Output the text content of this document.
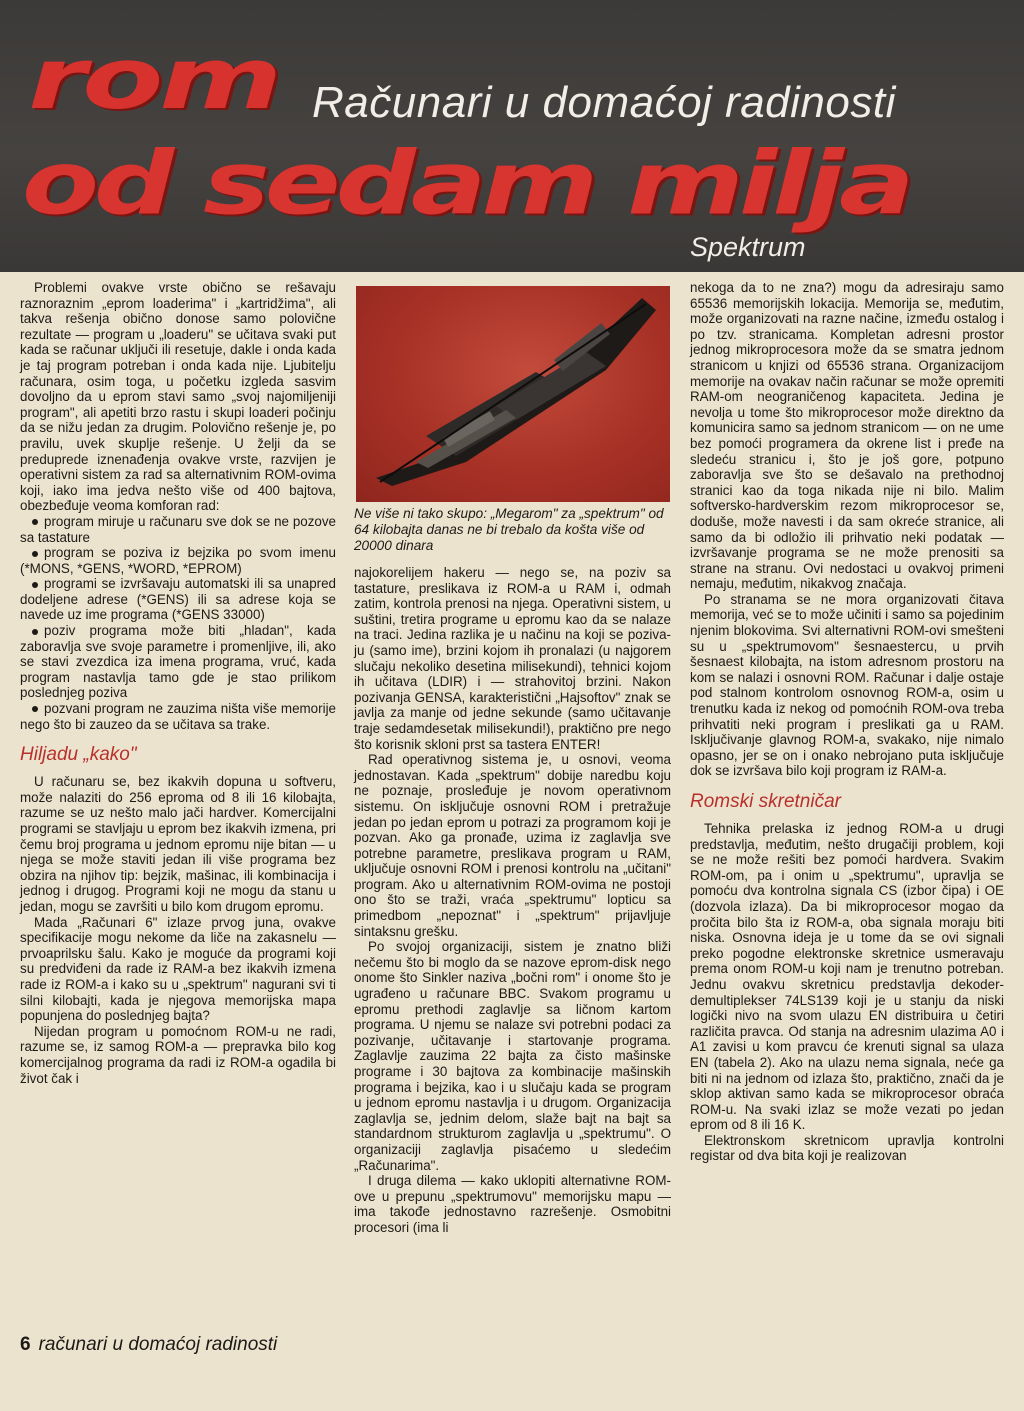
rom Računari u domaćoj radinosti
od sedam milja
Spektrum

Problemi ovakve vrste obično se rešavaju raznoraznim „eprom loaderima" i „kartridžima", ali takva rešenja obično donose samo polovične rezultate — program u „loaderu" se učitava svaki put kada se računar uključi ili resetuje, dakle i onda kada je taj program potreban i onda kada nije. Ljubitelju računara, osim toga, u početku izgleda sasvim dovoljno da u eprom stavi samo „svoj najomiljeniji program", ali apetiti brzo rastu i skupi loaderi počinju da se nižu jedan za drugim. Polovično rešenje je, po pravilu, uvek skuplje rešenje. U želji da se preduprede iznenađenja ovakve vrste, razvijen je operativni sistem za rad sa alternativnim ROM-ovima koji, iako ima jedva nešto više od 400 bajtova, obezbeđuje veoma komforan rad:

program miruje u računaru sve dok se ne pozove sa tastature
program se poziva iz bejzika po svom imenu (*MONS, *GENS, *WORD, *EPROM)
programi se izvršavaju automatski ili sa unapred dodeljene adrese (*GENS) ili sa adrese koja se navede uz ime programa (*GENS 33000)
poziv programa može biti „hladan", kada zaboravlja sve svoje parametre i promenljive, ili, ako se stavi zvezdica iza imena programa, vruć, kada program nastavlja tamo gde je stao prilikom poslednjeg poziva
pozvani program ne zauzima ništa više memorije nego što bi zauzeo da se učitava sa trake.
Hiljadu „kako"

U računaru se, bez ikakvih dopuna u softveru, može nalaziti do 256 eproma od 8 ili 16 kilobajta, razume se uz nešto malo jači hardver. Komercijalni programi se stavljaju u eprom bez ikakvih izmena, pri čemu broj programa u jednom epromu nije bitan — u njega se može staviti jedan ili više programa bez obzira na njihov tip: bejzik, mašinac, ili kombinacija i jednog i drugog. Programi koji ne mogu da stanu u jedan, mogu se završiti u bilo kom drugom epromu.

Mada „Računari 6" izlaze prvog juna, ovakve specifikacije mogu nekome da liče na zakasnelu — prvoaprilsku šalu. Kako je moguće da programi koji su predviđeni da rade iz RAM-a bez ikakvih izmena rade iz ROM-a i kako su u „spektrum" nagurani svi ti silni kilobajti, kada je njegova memorijska mapa popunjena do poslednjeg bajta?

Nijedan program u pomoćnom ROM-u ne radi, razume se, iz samog ROM-a — prepravka bilo kog komercijalnog programa da radi iz ROM-a ogadila bi život čak i

Ne više ni tako skupo: „Megarom" za „spektrum" od 64 kilobajta danas ne bi trebalo da košta više od 20000 dinara

najokorelijem hakeru — nego se, na poziv sa tastature, preslikava iz ROM-a u RAM i, odmah zatim, kontrola prenosi na njega. Operativni sistem, u suštini, tretira programe u epromu kao da se nalaze na traci. Jedina razlika je u načinu na koji se poziva-ju (samo ime), brzini kojom ih pronalazi (u najgorem slučaju nekoliko desetina milisekundi), tehnici kojom ih učitava (LDIR) i — strahovitoj brzini. Nakon pozivanja GENSA, karakteristični „Hajsoftov" znak se javlja za manje od jedne sekunde (samo učitavanje traje sedamdesetak milisekundi!), praktično pre nego što korisnik skloni prst sa tastera ENTER!

Rad operativnog sistema je, u osnovi, veoma jednostavan. Kada „spektrum" dobije naredbu koju ne poznaje, prosleđuje je novom operativnom sistemu. On isključuje osnovni ROM i pretražuje jedan po jedan eprom u potrazi za programom koji je pozvan. Ako ga pronađe, uzima iz zaglavlja sve potrebne parametre, preslikava program u RAM, uključuje osnovni ROM i prenosi kontrolu na „učitani" program. Ako u alternativnim ROM-ovima ne postoji ono što se traži, vraća „spektrumu" lopticu sa primedbom „nepoznat" i „spektrum" prijavljuje sintaksnu grešku.

Po svojoj organizaciji, sistem je znatno bliži nečemu što bi moglo da se nazove eprom-disk nego onome što Sinkler naziva „bočni rom" i onome što je ugrađeno u računare BBC. Svakom programu u epromu prethodi zaglavlje sa ličnom kartom programa. U njemu se nalaze svi potrebni podaci za pozivanje, učitavanje i startovanje programa. Zaglavlje zauzima 22 bajta za čisto mašinske programe i 30 bajtova za kombinacije mašinskih programa i bejzika, kao i u slučaju kada se program u jednom epromu nastavlja i u drugom. Organizacija zaglavlja se, jednim delom, slaže bajt na bajt sa standardnom strukturom zaglavlja u „spektrumu". O organizaciji zaglavlja pisaćemo u sledećim „Računarima".

I druga dilema — kako uklopiti alternativne ROM-ove u prepunu „spektrumovu" memorijsku mapu — ima takođe jednostavno razrešenje. Osmobitni procesori (ima li

nekoga da to ne zna?) mogu da adresiraju samo 65536 memorijskih lokacija. Memorija se, međutim, može organizovati na razne načine, između ostalog i po tzv. stranicama. Kompletan adresni prostor jednog mikroprocesora može da se smatra jednom stranicom u knjizi od 65536 strana. Organizacijom memorije na ovakav način računar se može opremiti RAM-om neograničenog kapaciteta. Jedina je nevolja u tome što mikroprocesor može direktno da komunicira samo sa jednom stranicom — on ne ume bez pomoći programera da okrene list i pređe na sledeću stranicu i, što je još gore, potpuno zaboravlja sve što se dešavalo na prethodnoj stranici kao da toga nikada nije ni bilo. Malim softversko-hardverskim rezom mikroprocesor se, doduše, može navesti i da sam okreće stranice, ali samo da bi odložio ili prihvatio neki podatak — izvršavanje programa se ne može prenositi sa strane na stranu. Ovi nedostaci u ovakvoj primeni nemaju, međutim, nikakvog značaja.

Po stranama se ne mora organizovati čitava memorija, već se to može učiniti i samo sa pojedinim njenim blokovima. Svi alternativni ROM-ovi smešteni su u „spektrumovom" šesnaestercu, u prvih šesnaest kilobajta, na istom adresnom prostoru na kom se nalazi i osnovni ROM. Računar i dalje ostaje pod stalnom kontrolom osnovnog ROM-a, osim u trenutku kada iz nekog od pomoćnih ROM-ova treba prihvatiti neki program i preslikati ga u RAM. Isključivanje glavnog ROM-a, svakako, nije nimalo opasno, jer se on i onako nebrojano puta isključuje dok se izvršava bilo koji program iz RAM-a.

Romski skretničar

Tehnika prelaska iz jednog ROM-a u drugi predstavlja, međutim, nešto drugačiji problem, koji se ne može rešiti bez pomoći hardvera. Svakim ROM-om, pa i onim u „spektrumu", upravlja se pomoću dva kontrolna signala CS (izbor čipa) i OE (dozvola izlaza). Da bi mikroprocesor mogao da pročita bilo šta iz ROM-a, oba signala moraju biti niska. Osnovna ideja je u tome da se ovi signali preko pogodne elektronske skretnice usmeravaju prema onom ROM-u koji nam je trenutno potreban. Jednu ovakvu skretnicu predstavlja dekoder-demultiplekser 74LS139 koji je u stanju da niski logički nivo na svom ulazu EN distribuira u četiri različita pravca. Od stanja na adresnim ulazima A0 i A1 zavisi u kom pravcu će krenuti signal sa ulaza EN (tabela 2). Ako na ulazu nema signala, neće ga biti ni na jednom od izlaza što, praktično, znači da je sklop aktivan samo kada se mikroprocesor obraća ROM-u. Na svaki izlaz se može vezati po jedan eprom od 8 ili 16 K.

Elektronskom skretnicom upravlja kontrolni registar od dva bita koji je realizovan

6 računari u domaćoj radinosti
